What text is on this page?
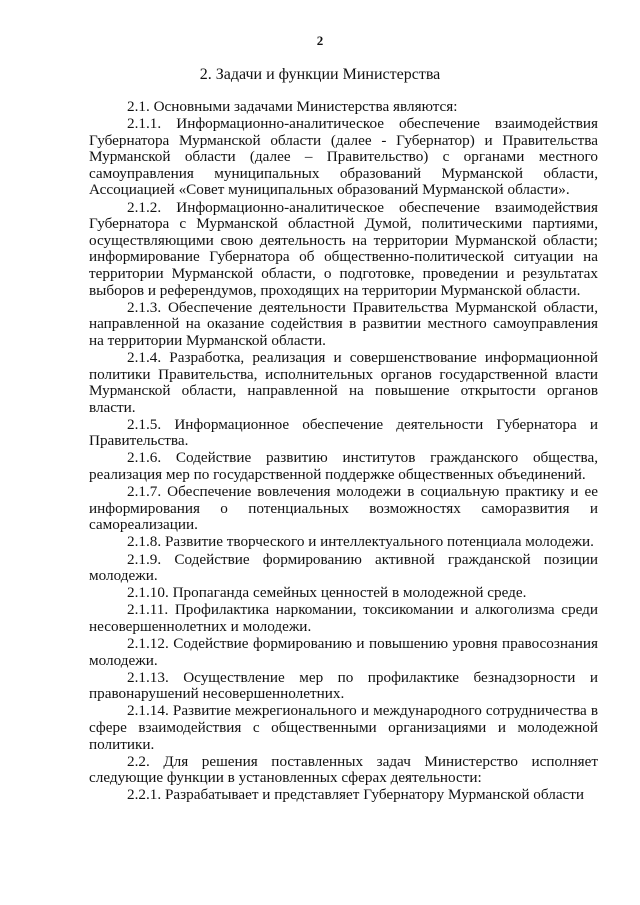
2
2. Задачи и функции Министерства

2.1. Основными задачами Министерства являются:

2.1.1. Информационно-аналитическое обеспечение взаимодействия Губернатора Мурманской области (далее - Губернатор) и Правительства Мурманской области (далее – Правительство) с органами местного самоуправления муниципальных образований Мурманской области, Ассоциацией «Совет муниципальных образований Мурманской области».

2.1.2. Информационно-аналитическое обеспечение взаимодействия Губернатора с Мурманской областной Думой, политическими партиями, осуществляющими свою деятельность на территории Мурманской области; информирование Губернатора об общественно-политической ситуации на территории Мурманской области, о подготовке, проведении и результатах выборов и референдумов, проходящих на территории Мурманской области.

2.1.3. Обеспечение деятельности Правительства Мурманской области, направленной на оказание содействия в развитии местного самоуправления на территории Мурманской области.

2.1.4. Разработка, реализация и совершенствование информационной политики Правительства, исполнительных органов государственной власти Мурманской области, направленной на повышение открытости органов власти.

2.1.5. Информационное обеспечение деятельности Губернатора и Правительства.

2.1.6. Содействие развитию институтов гражданского общества, реализация мер по государственной поддержке общественных объединений.

2.1.7. Обеспечение вовлечения молодежи в социальную практику и ее информирования о потенциальных возможностях саморазвития и самореализации.

2.1.8. Развитие творческого и интеллектуального потенциала молодежи.

2.1.9. Содействие формированию активной гражданской позиции молодежи.

2.1.10. Пропаганда семейных ценностей в молодежной среде.

2.1.11. Профилактика наркомании, токсикомании и алкоголизма среди несовершеннолетних и молодежи.

2.1.12. Содействие формированию и повышению уровня правосознания молодежи.

2.1.13. Осуществление мер по профилактике безнадзорности и правонарушений несовершеннолетних.

2.1.14. Развитие межрегионального и международного сотрудничества в сфере взаимодействия с общественными организациями и молодежной политики.

2.2. Для решения поставленных задач Министерство исполняет следующие функции в установленных сферах деятельности:

2.2.1. Разрабатывает и представляет Губернатору Мурманской области
